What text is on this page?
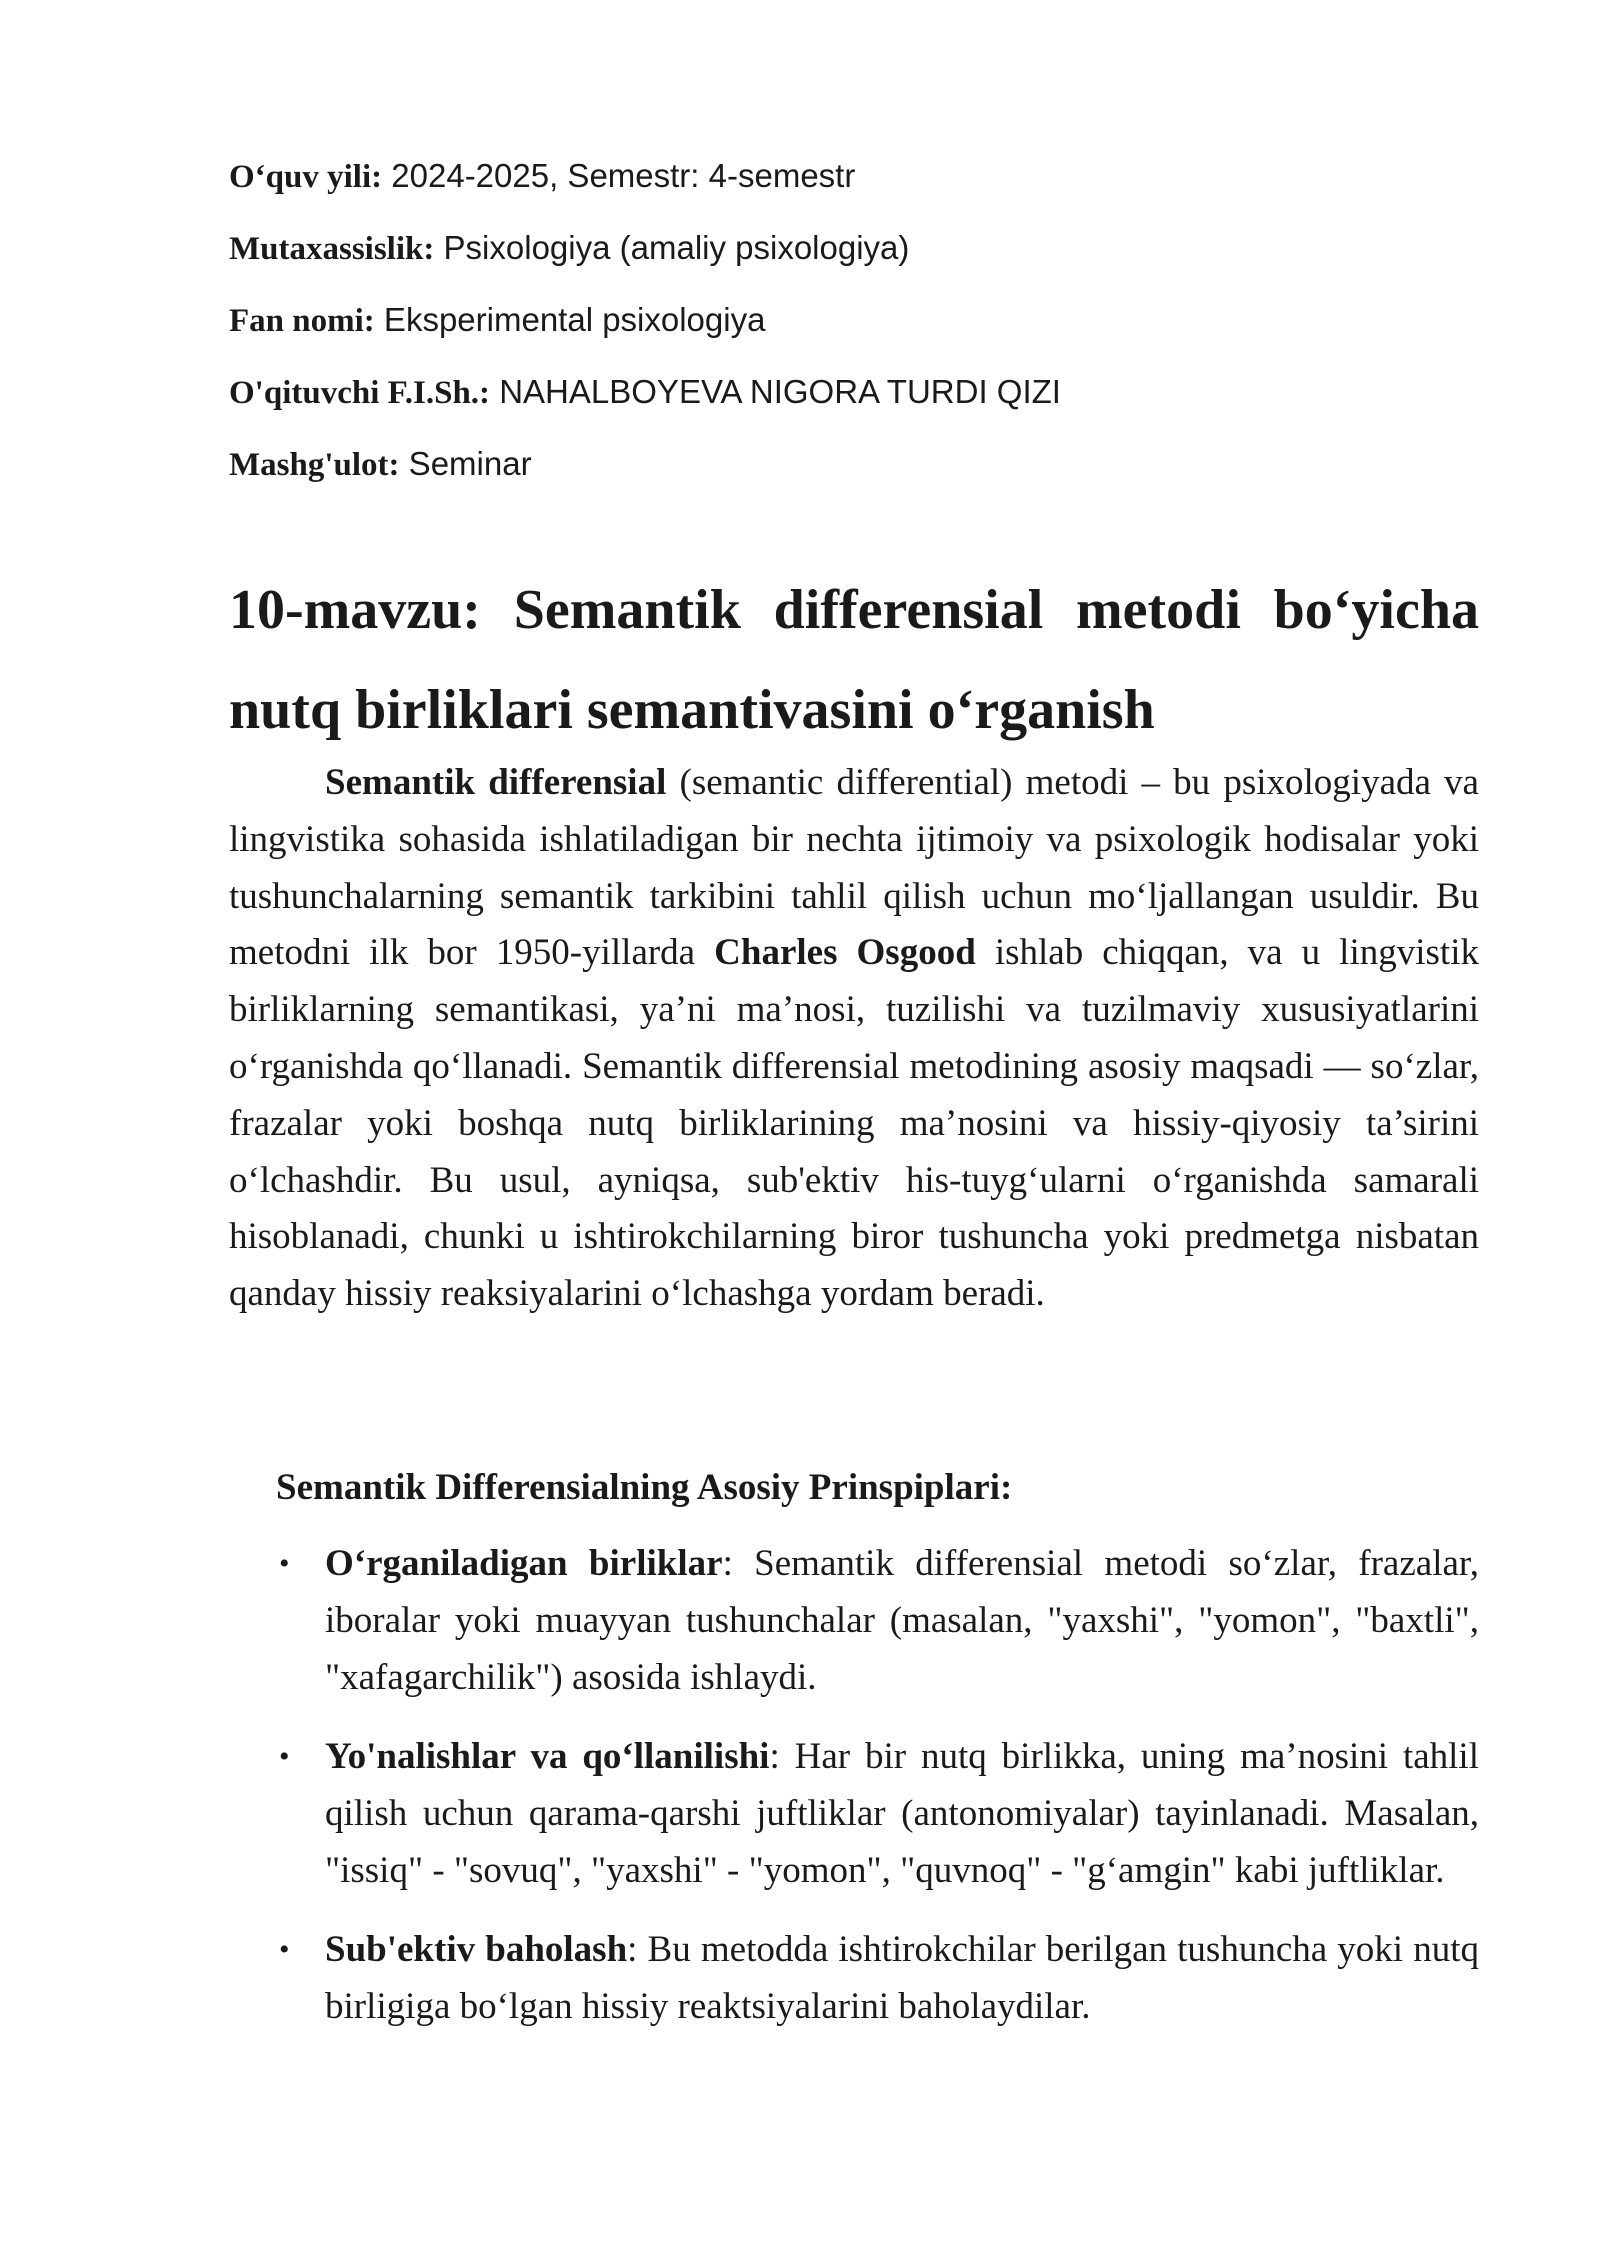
O‘quv yili: 2024-2025, Semestr: 4-semestr
Mutaxassislik: Psixologiya (amaliy psixologiya)
Fan nomi: Eksperimental psixologiya
O'qituvchi F.I.Sh.: NAHALBOYEVA NIGORA TURDI QIZI
Mashg'ulot: Seminar
10-mavzu: Semantik differensial metodi bo‘yicha nutq birliklari semantivasini o‘rganish

Semantik differensial (semantic differential) metodi – bu psixologiyada va lingvistika sohasida ishlatiladigan bir nechta ijtimoiy va psixologik hodisalar yoki tushunchalarning semantik tarkibini tahlil qilish uchun mo‘ljallangan usuldir. Bu metodni ilk bor 1950-yillarda Charles Osgood ishlab chiqqan, va u lingvistik birliklarning semantikasi, ya’ni ma’nosi, tuzilishi va tuzilmaviy xususiyatlarini o‘rganishda qo‘llanadi. Semantik differensial metodining asosiy maqsadi — so‘zlar, frazalar yoki boshqa nutq birliklarining ma’nosini va hissiy-qiyosiy ta’sirini o‘lchashdir. Bu usul, ayniqsa, sub'ektiv his-tuyg‘ularni o‘rganishda samarali hisoblanadi, chunki u ishtirokchilarning biror tushuncha yoki predmetga nisbatan qanday hissiy reaksiyalarini o‘lchashga yordam beradi.

Semantik Differensialning Asosiy Prinspiplari:
• O‘rganiladigan birliklar: Semantik differensial metodi so‘zlar, frazalar, iboralar yoki muayyan tushunchalar (masalan, "yaxshi", "yomon", "baxtli", "xafagarchilik") asosida ishlaydi.
• Yo'nalishlar va qo‘llanilishi: Har bir nutq birlikka, uning ma’nosini tahlil qilish uchun qarama-qarshi juftliklar (antonomiyalar) tayinlanadi. Masalan, "issiq" - "sovuq", "yaxshi" - "yomon", "quvnoq" - "g‘amgin" kabi juftliklar.
• Sub'ektiv baholash: Bu metodda ishtirokchilar berilgan tushuncha yoki nutq birligiga bo‘lgan hissiy reaktsiyalarini baholaydilar.
